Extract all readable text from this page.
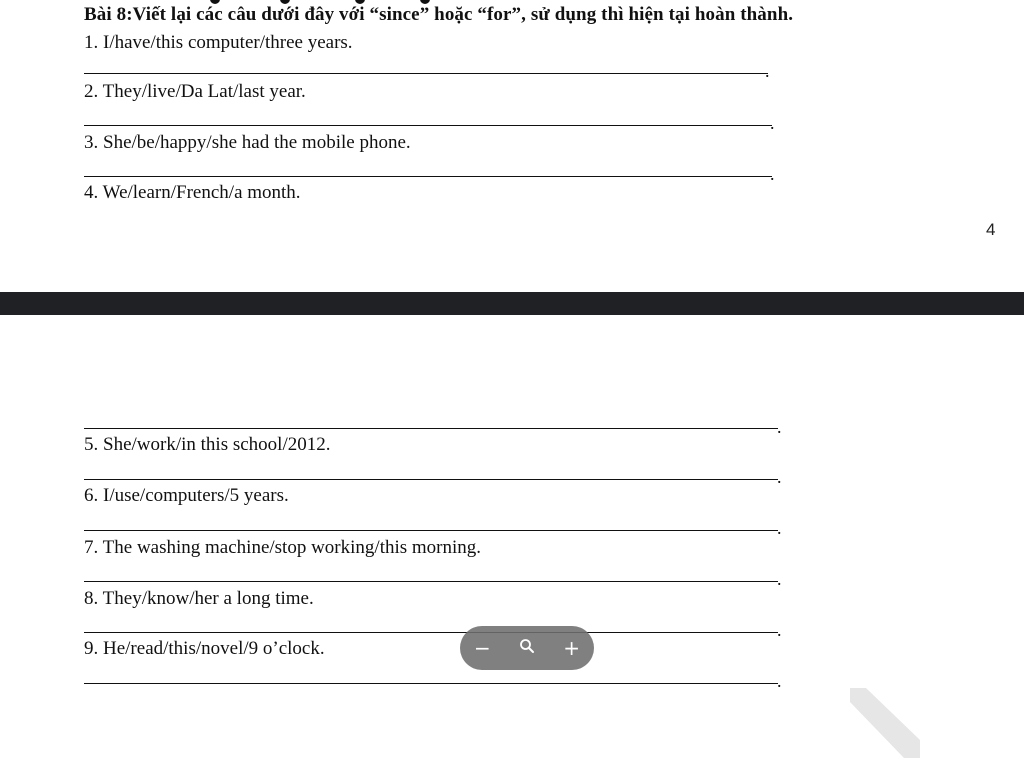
Bài 8:Viết lại các câu dưới đây với “since” hoặc “for”, sử dụng thì hiện tại hoàn thành.
1. I/have/this computer/three years.
.
2. They/live/Da Lat/last year.
.
3. She/be/happy/she had the mobile phone.
.
4. We/learn/French/a month.
4
.
5. She/work/in this school/2012.
.
6. I/use/computers/5 years.
.
7. The washing machine/stop working/this morning.
.
8. They/know/her a long time.
.
9. He/read/this/novel/9 o’clock.
.
−	+
